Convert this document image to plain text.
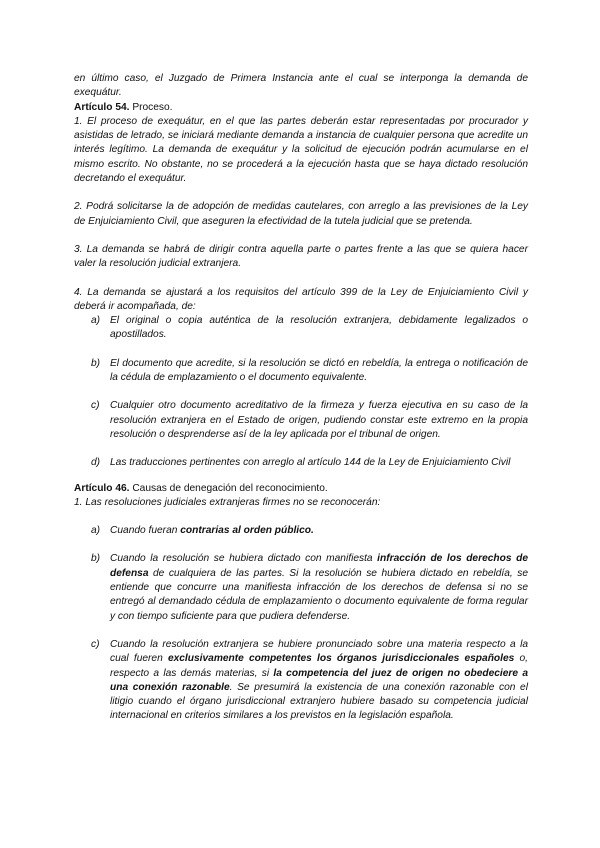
en último caso, el Juzgado de Primera Instancia ante el cual se interponga la demanda de exequátur.

Artículo 54. Proceso.

1. El proceso de exequátur, en el que las partes deberán estar representadas por procurador y asistidas de letrado, se iniciará mediante demanda a instancia de cualquier persona que acredite un interés legítimo. La demanda de exequátur y la solicitud de ejecución podrán acumularse en el mismo escrito. No obstante, no se procederá a la ejecución hasta que se haya dictado resolución decretando el exequátur.

2. Podrá solicitarse la de adopción de medidas cautelares, con arreglo a las previsiones de la Ley de Enjuiciamiento Civil, que aseguren la efectividad de la tutela judicial que se pretenda.

3. La demanda se habrá de dirigir contra aquella parte o partes frente a las que se quiera hacer valer la resolución judicial extranjera.

4. La demanda se ajustará a los requisitos del artículo 399 de la Ley de Enjuiciamiento Civil y deberá ir acompañada, de:

a) El original o copia auténtica de la resolución extranjera, debidamente legalizados o apostillados.
b) El documento que acredite, si la resolución se dictó en rebeldía, la entrega o notificación de la cédula de emplazamiento o el documento equivalente.
c) Cualquier otro documento acreditativo de la firmeza y fuerza ejecutiva en su caso de la resolución extranjera en el Estado de origen, pudiendo constar este extremo en la propia resolución o desprenderse así de la ley aplicada por el tribunal de origen.
d) Las traducciones pertinentes con arreglo al artículo 144 de la Ley de Enjuiciamiento Civil

Artículo 46. Causas de denegación del reconocimiento.

1. Las resoluciones judiciales extranjeras firmes no se reconocerán:

a) Cuando fueran contrarias al orden público.
b) Cuando la resolución se hubiera dictado con manifiesta infracción de los derechos de defensa de cualquiera de las partes. Si la resolución se hubiera dictado en rebeldía, se entiende que concurre una manifiesta infracción de los derechos de defensa si no se entregó al demandado cédula de emplazamiento o documento equivalente de forma regular y con tiempo suficiente para que pudiera defenderse.
c) Cuando la resolución extranjera se hubiere pronunciado sobre una materia respecto a la cual fueren exclusivamente competentes los órganos jurisdiccionales españoles o, respecto a las demás materias, si la competencia del juez de origen no obedeciere a una conexión razonable. Se presumirá la existencia de una conexión razonable con el litigio cuando el órgano jurisdiccional extranjero hubiere basado su competencia judicial internacional en criterios similares a los previstos en la legislación española.
